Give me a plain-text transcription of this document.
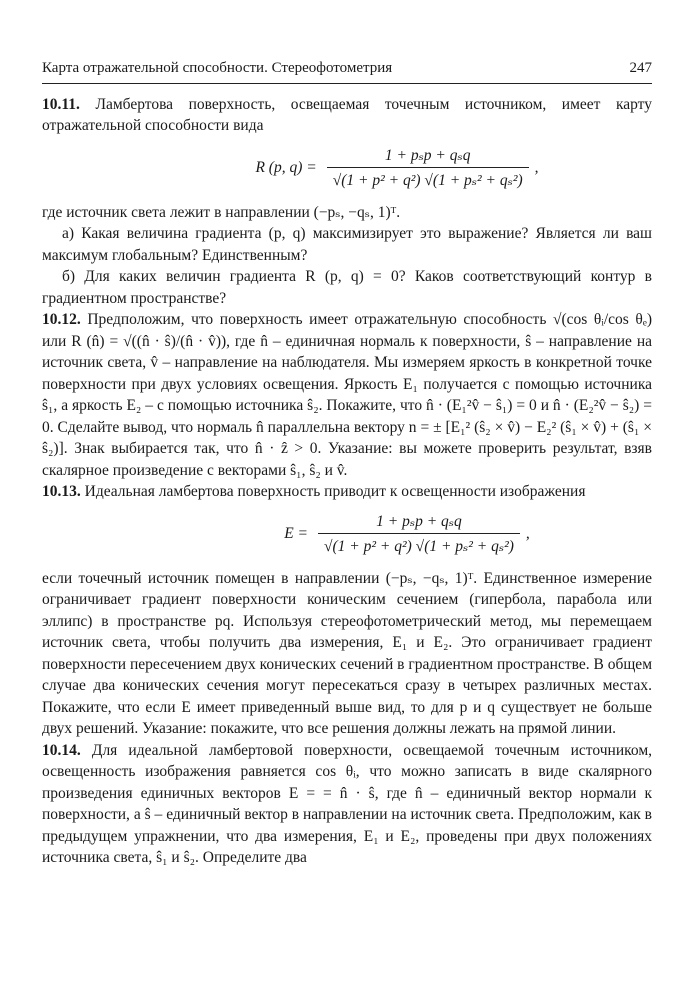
Карта отражательной способности. Стереофотометрия	247

10.11. Ламбертова поверхность, освещаемая точечным источником, имеет карту отражательной способности вида

R (p, $q) = \frac{\text{1 + pₛp + qₛq}}{\text{√(1 + p² + q²) √(1 + pₛ² + qₛ²)}}$ ,

где источник света лежит в направлении (−pₛ, −qₛ, 1)ᵀ.

а) Какая величина градиента (p, q) максимизирует это выражение? Является ли ваш максимум глобальным? Единственным?

б) Для каких величин градиента R (p, q) = 0? Каков соответствующий контур в градиентном пространстве?

10.12. Предположим, что поверхность имеет отражательную способность √(cos θᵢ/cos θₑ) или R (n̂) = √((n̂ · ŝ)/(n̂ · v̂)), где n̂ – единичная нормаль к поверхности, ŝ – направление на источник света, v̂ – направление на наблюдателя. Мы измеряем яркость в конкретной точке поверхности при двух условиях освещения. Яркость E₁ получается с помощью источника ŝ₁, а яркость E₂ – с помощью источника ŝ₂. Покажите, что n̂ · (E₁²v̂ − ŝ₁) = 0 и n̂ · (E₂²v̂ − ŝ₂) = 0. Сделайте вывод, что нормаль n̂ параллельна вектору n = ± [E₁² (ŝ₂ × v̂) − E₂² (ŝ₁ × v̂) + (ŝ₁ × ŝ₂)]. Знак выбирается так, что n̂ · ẑ > 0. Указание: вы можете проверить результат, взяв скалярное произведение с векторами ŝ₁, ŝ₂ и v̂.

10.13. Идеальная ламбертова поверхность приводит к освещенности изображения

$E = \frac{\text{1 + pₛp + qₛq}}{\text{√(1 + p² + q²) √(1 + pₛ² + qₛ²)}}$ ,

если точечный источник помещен в направлении (−pₛ, −qₛ, 1)ᵀ. Единственное измерение ограничивает градиент поверхности коническим сечением (гипербола, парабола или эллипс) в пространстве pq. Используя стереофотометрический метод, мы перемещаем источник света, чтобы получить два измерения, E₁ и E₂. Это ограничивает градиент поверхности пересечением двух конических сечений в градиентном пространстве. В общем случае два конических сечения могут пересекаться сразу в четырех различных местах. Покажите, что если E имеет приведенный выше вид, то для p и q существует не больше двух решений. Указание: покажите, что все решения должны лежать на прямой линии.

10.14. Для идеальной ламбертовой поверхности, освещаемой точечным источником, освещенность изображения равняется cos θᵢ, что можно записать в виде скалярного произведения единичных векторов E = = n̂ · ŝ, где n̂ – единичный вектор нормали к поверхности, а ŝ – единичный вектор в направлении на источник света. Предположим, как в предыдущем упражнении, что два измерения, E₁ и E₂, проведены при двух положениях источника света, ŝ₁ и ŝ₂. Определите два
